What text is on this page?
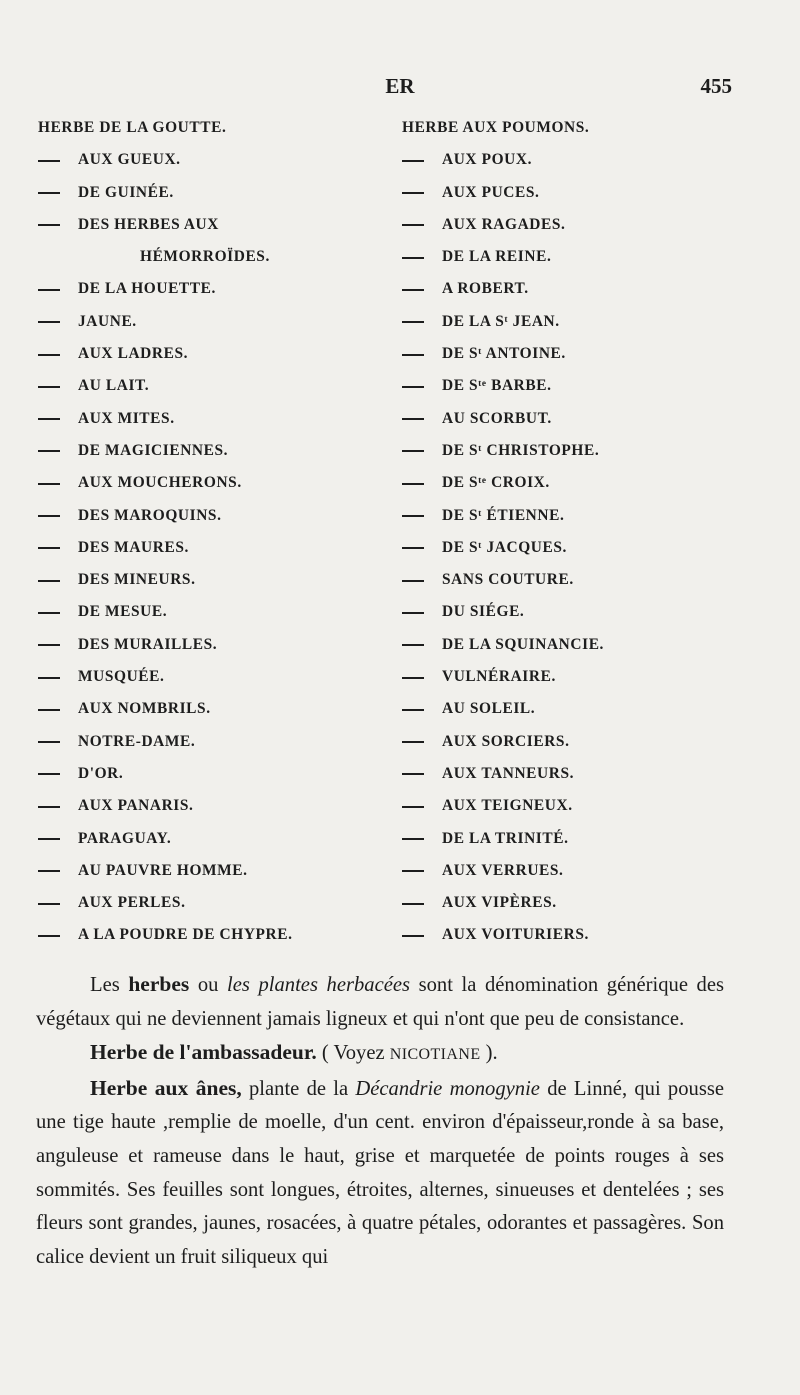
ER	455
HERBE DE LA GOUTTE.
AUX GUEUX.
DE GUINÉE.
DES HERBES AUX
HÉMORROÏDES.
DE LA HOUETTE.
JAUNE.
AUX LADRES.
AU LAIT.
AUX MITES.
DE MAGICIENNES.
AUX MOUCHERONS.
DES MAROQUINS.
DES MAURES.
DES MINEURS.
DE MESUE.
DES MURAILLES.
MUSQUÉE.
AUX NOMBRILS.
NOTRE-DAME.
D'OR.
AUX PANARIS.
PARAGUAY.
AU PAUVRE HOMME.
AUX PERLES.
A LA POUDRE DE CHYPRE.
HERBE AUX POUMONS.
AUX POUX.
AUX PUCES.
AUX RAGADES.
DE LA REINE.
A ROBERT.
DE LA Sᵗ JEAN.
DE Sᵗ ANTOINE.
DE Sᵗᵉ BARBE.
AU SCORBUT.
DE Sᵗ CHRISTOPHE.
DE Sᵗᵉ CROIX.
DE Sᵗ ÉTIENNE.
DE Sᵗ JACQUES.
SANS COUTURE.
DU SIÉGE.
DE LA SQUINANCIE.
VULNÉRAIRE.
AU SOLEIL.
AUX SORCIERS.
AUX TANNEURS.
AUX TEIGNEUX.
DE LA TRINITÉ.
AUX VERRUES.
AUX VIPÈRES.
AUX VOITURIERS.

Les herbes ou les plantes herbacées sont la dénomination générique des végétaux qui ne deviennent jamais ligneux et qui n'ont que peu de consistance.

Herbe de l'ambassadeur. ( Voyez NICOTIANE ).

Herbe aux ânes, plante de la Décandrie monogynie de Linné, qui pousse une tige haute ,remplie de moelle, d'un cent. environ d'épaisseur,ronde à sa base, anguleuse et rameuse dans le haut, grise et marquetée de points rouges à ses sommités. Ses feuilles sont longues, étroites, alternes, sinueuses et dentelées ; ses fleurs sont grandes, jaunes, rosacées, à quatre pétales, odorantes et passagères. Son calice devient un fruit siliqueux qui
